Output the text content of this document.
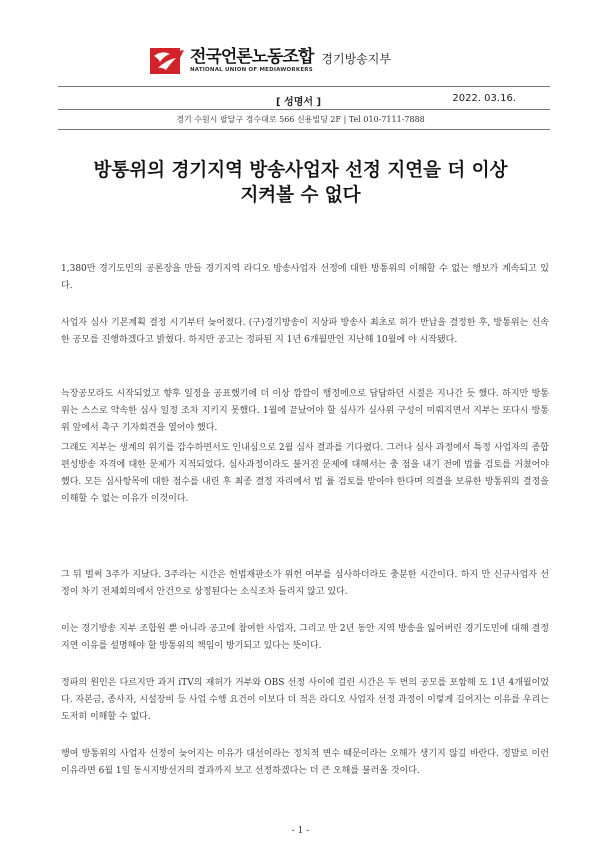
전국언론노동조합
NATIONAL UNION OF MEDIAWORKERS
경기방송지부
[ 성명서 ]	2022. 03.16.
경기 수원시 팔달구 경수대로 566 신용빌딩 2F | Tel 010-7111-7888
방통위의 경기지역 방송사업자 선정 지연을 더 이상
지켜볼 수 없다

1,380만 경기도민의 공론장을 만들 경기지역 라디오 방송사업자 선정에 대한 방통위의 이해할 수 없는 행보가 계속되고 있다.

사업자 심사 기본계획 결정 시기부터 늦어졌다. (구)경기방송이 지상파 방송사 최초로 허가 반납을 결정한 후, 방통위는 신속한 공모를 진행하겠다고 밝혔다. 하지만 공고는 정파된 지 1년 6개월만인 지난해 10월에 야 시작됐다.

늑장공모라도 시작되었고 향후 일정을 공표했기에 더 이상 깜깜이 행정에으로 답답하던 시절은 지나간 듯 했다. 하지만 방통위는 스스로 약속한 심사 일정 조차 지키지 못했다. 1월에 끝났어야 할 심사가 심사위 구성이 미뤄지면서 지부는 또다시 방통위 앞에서 촉구 기자회견을 열어야 했다.

그래도 지부는 생계의 위기를 감수하면서도 인내심으로 2월 심사 결과를 기다렸다. 그러나 심사 과정에서 특정 사업자의 종합편성방송 자격에 대한 문제가 지적되었다. 심사과정이라도 불거진 문제에 대해서는 충 점을 내기 전에 법률 검토를 거쳤어야 했다. 모든 심사항목에 대한 점수를 내린 후 최종 결정 자리에서 법 률 검토를 받아야 한다며 의결을 보류한 방통위의 결정을 이해할 수 없는 이유가 이것이다.

그 뒤 벌써 3주가 지났다. 3주라는 시간은 헌법재판소가 위헌 여부를 심사하더라도 충분한 시간이다. 하지 만 신규사업자 선정이 차기 전체회의에서 안건으로 상정된다는 소식조차 들리지 않고 있다.

이는 경기방송 지부 조합원 뿐 아니라 공고에 참여한 사업자, 그리고 만 2년 동안 지역 방송을 잃어버린 경기도민에 대해 결정 지연 이유를 설명해야 할 방통위의 책임이 방기되고 있다는 뜻이다.

정파의 원인은 다르지만 과거 iTV의 재허가 거부와 OBS 선정 사이에 걸린 시간은 두 번의 공모를 포함해 도 1년 4개월이었다. 자본금, 종사자, 시설장비 등 사업 수행 요건이 이보다 더 적은 라디오 사업자 선정 과정이 이렇게 길어지는 이유를 우리는 도저히 이해할 수 없다.

행여 방통위의 사업자 선정이 늦어지는 이유가 대선이라는 정치적 변수 때문이라는 오해가 생기지 않길 바란다. 정말로 이런 이유라면 6월 1일 동시지방선거의 결과까지 보고 선정하겠다는 더 큰 오해를 불러올 것이다.

- 1 -
